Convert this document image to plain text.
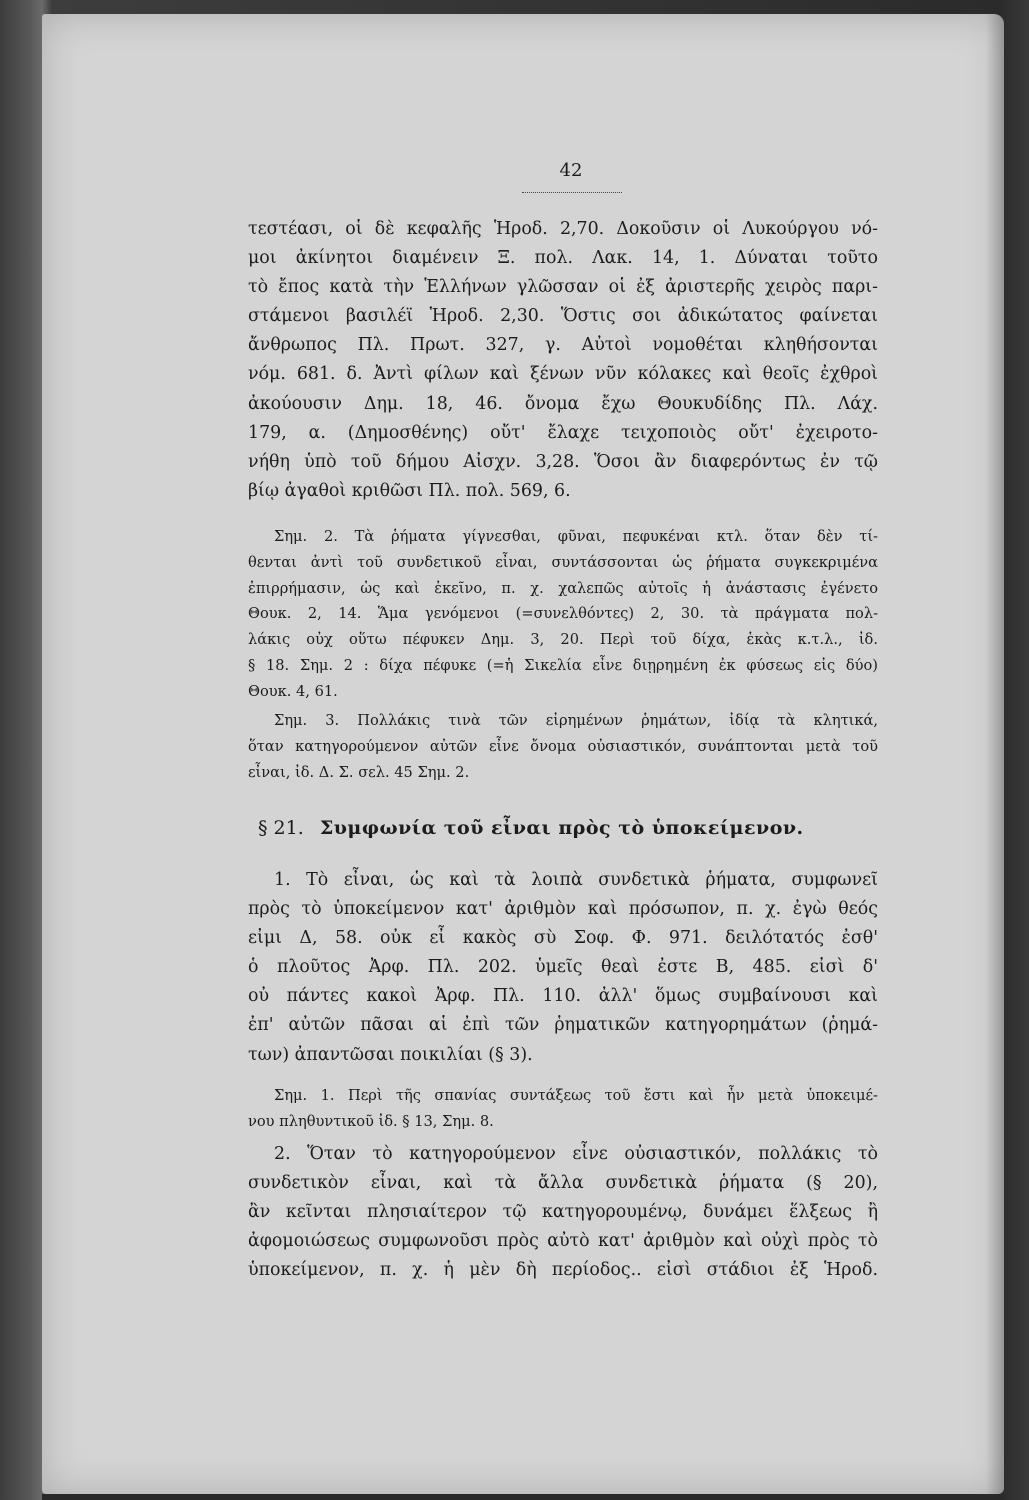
42
τεστέασι, οἱ δὲ κεφαλῆς Ἡροδ. 2,70. Δοκοῦσιν οἱ Λυκούργου νό-
μοι ἀκίνητοι διαμένειν Ξ. πολ. Λακ. 14, 1. Δύναται τοῦτο
τὸ ἔπος κατὰ τὴν Ἑλλήνων γλῶσσαν οἱ ἐξ ἀριστερῆς χειρὸς παρι-
στάμενοι βασιλέϊ Ἡροδ. 2,30. Ὅστις σοι ἀδικώτατος φαίνεται
ἄνθρωπος Πλ. Πρωτ. 327, γ. Αὐτοὶ νομοθέται κληθήσονται
νόμ. 681. δ. Ἀντὶ φίλων καὶ ξένων νῦν κόλακες καὶ θεοῖς ἐχθροὶ
ἀκούουσιν Δημ. 18, 46. ὄνομα ἔχω Θουκυδίδης Πλ. Λάχ.
179, α. (Δημοσθένης) οὔτ' ἔλαχε τειχοποιὸς οὔτ' ἐχειροτο-
νήθη ὑπὸ τοῦ δήμου Αἰσχν. 3,28. Ὅσοι ἂν διαφερόντως ἐν τῷ
βίῳ ἀγαθοὶ κριθῶσι Πλ. πολ. 569, 6.
Σημ. 2. Τὰ ῥήματα γίγνεσθαι, φῦναι, πεφυκέναι κτλ. ὅταν δὲν τί-
θενται ἀντὶ τοῦ συνδετικοῦ εἶναι, συντάσσονται ὡς ῥήματα συγκεκριμένα
ἐπιρρήμασιν, ὡς καὶ ἐκεῖνο, π. χ. χαλεπῶς αὐτοῖς ἡ ἀνάστασις ἐγένετο
Θουκ. 2, 14. Ἅμα γενόμενοι (=συνελθόντες) 2, 30. τὰ πράγματα πολ-
λάκις οὐχ οὕτω πέφυκεν Δημ. 3, 20. Περὶ τοῦ δίχα, ἑκὰς κ.τ.λ., ἰδ.
§ 18. Σημ. 2 : δίχα πέφυκε (=ἡ Σικελία εἶνε διῃρημένη ἐκ φύσεως εἰς δύο)
Θουκ. 4, 61.
Σημ. 3. Πολλάκις τινὰ τῶν εἰρημένων ῥημάτων, ἰδίᾳ τὰ κλητικά,
ὅταν κατηγορούμενον αὐτῶν εἶνε ὄνομα οὐσιαστικόν, συνάπτονται μετὰ τοῦ
εἶναι, ἰδ. Δ. Σ. σελ. 45 Σημ. 2.
§ 21. Συμφωνία τοῦ εἶναι πρὸς τὸ ὑποκείμενον.
1. Τὸ εἶναι, ὡς καὶ τὰ λοιπὰ συνδετικὰ ῥήματα, συμφωνεῖ
πρὸς τὸ ὑποκείμενον κατ' ἀριθμὸν καὶ πρόσωπον, π. χ. ἐγὼ θεός
εἰμι Δ, 58. οὐκ εἶ κακὸς σὺ Σοφ. Φ. 971. δειλότατός ἐσθ'
ὁ πλοῦτος Ἀρφ. Πλ. 202. ὑμεῖς θεαὶ ἐστε Β, 485. εἰσὶ δ'
οὐ πάντες κακοὶ Ἀρφ. Πλ. 110. ἀλλ' ὅμως συμβαίνουσι καὶ
ἐπ' αὐτῶν πᾶσαι αἱ ἐπὶ τῶν ῥηματικῶν κατηγορημάτων (ῥημά-
των) ἀπαντῶσαι ποικιλίαι (§ 3).
Σημ. 1. Περὶ τῆς σπανίας συντάξεως τοῦ ἔστι καὶ ἦν μετὰ ὑποκειμέ-
νου πληθυντικοῦ ἰδ. § 13, Σημ. 8.
2. Ὅταν τὸ κατηγορούμενον εἶνε οὐσιαστικόν, πολλάκις τὸ
συνδετικὸν εἶναι, καὶ τὰ ἄλλα συνδετικὰ ῥήματα (§ 20),
ἂν κεῖνται πλησιαίτερον τῷ κατηγορουμένῳ, δυνάμει ἕλξεως ἢ
ἀφομοιώσεως συμφωνοῦσι πρὸς αὐτὸ κατ' ἀριθμὸν καὶ οὐχὶ πρὸς τὸ
ὑποκείμενον, π. χ. ἡ μὲν δὴ περίοδος.. εἰσὶ στάδιοι ἐξ Ἡροδ.
